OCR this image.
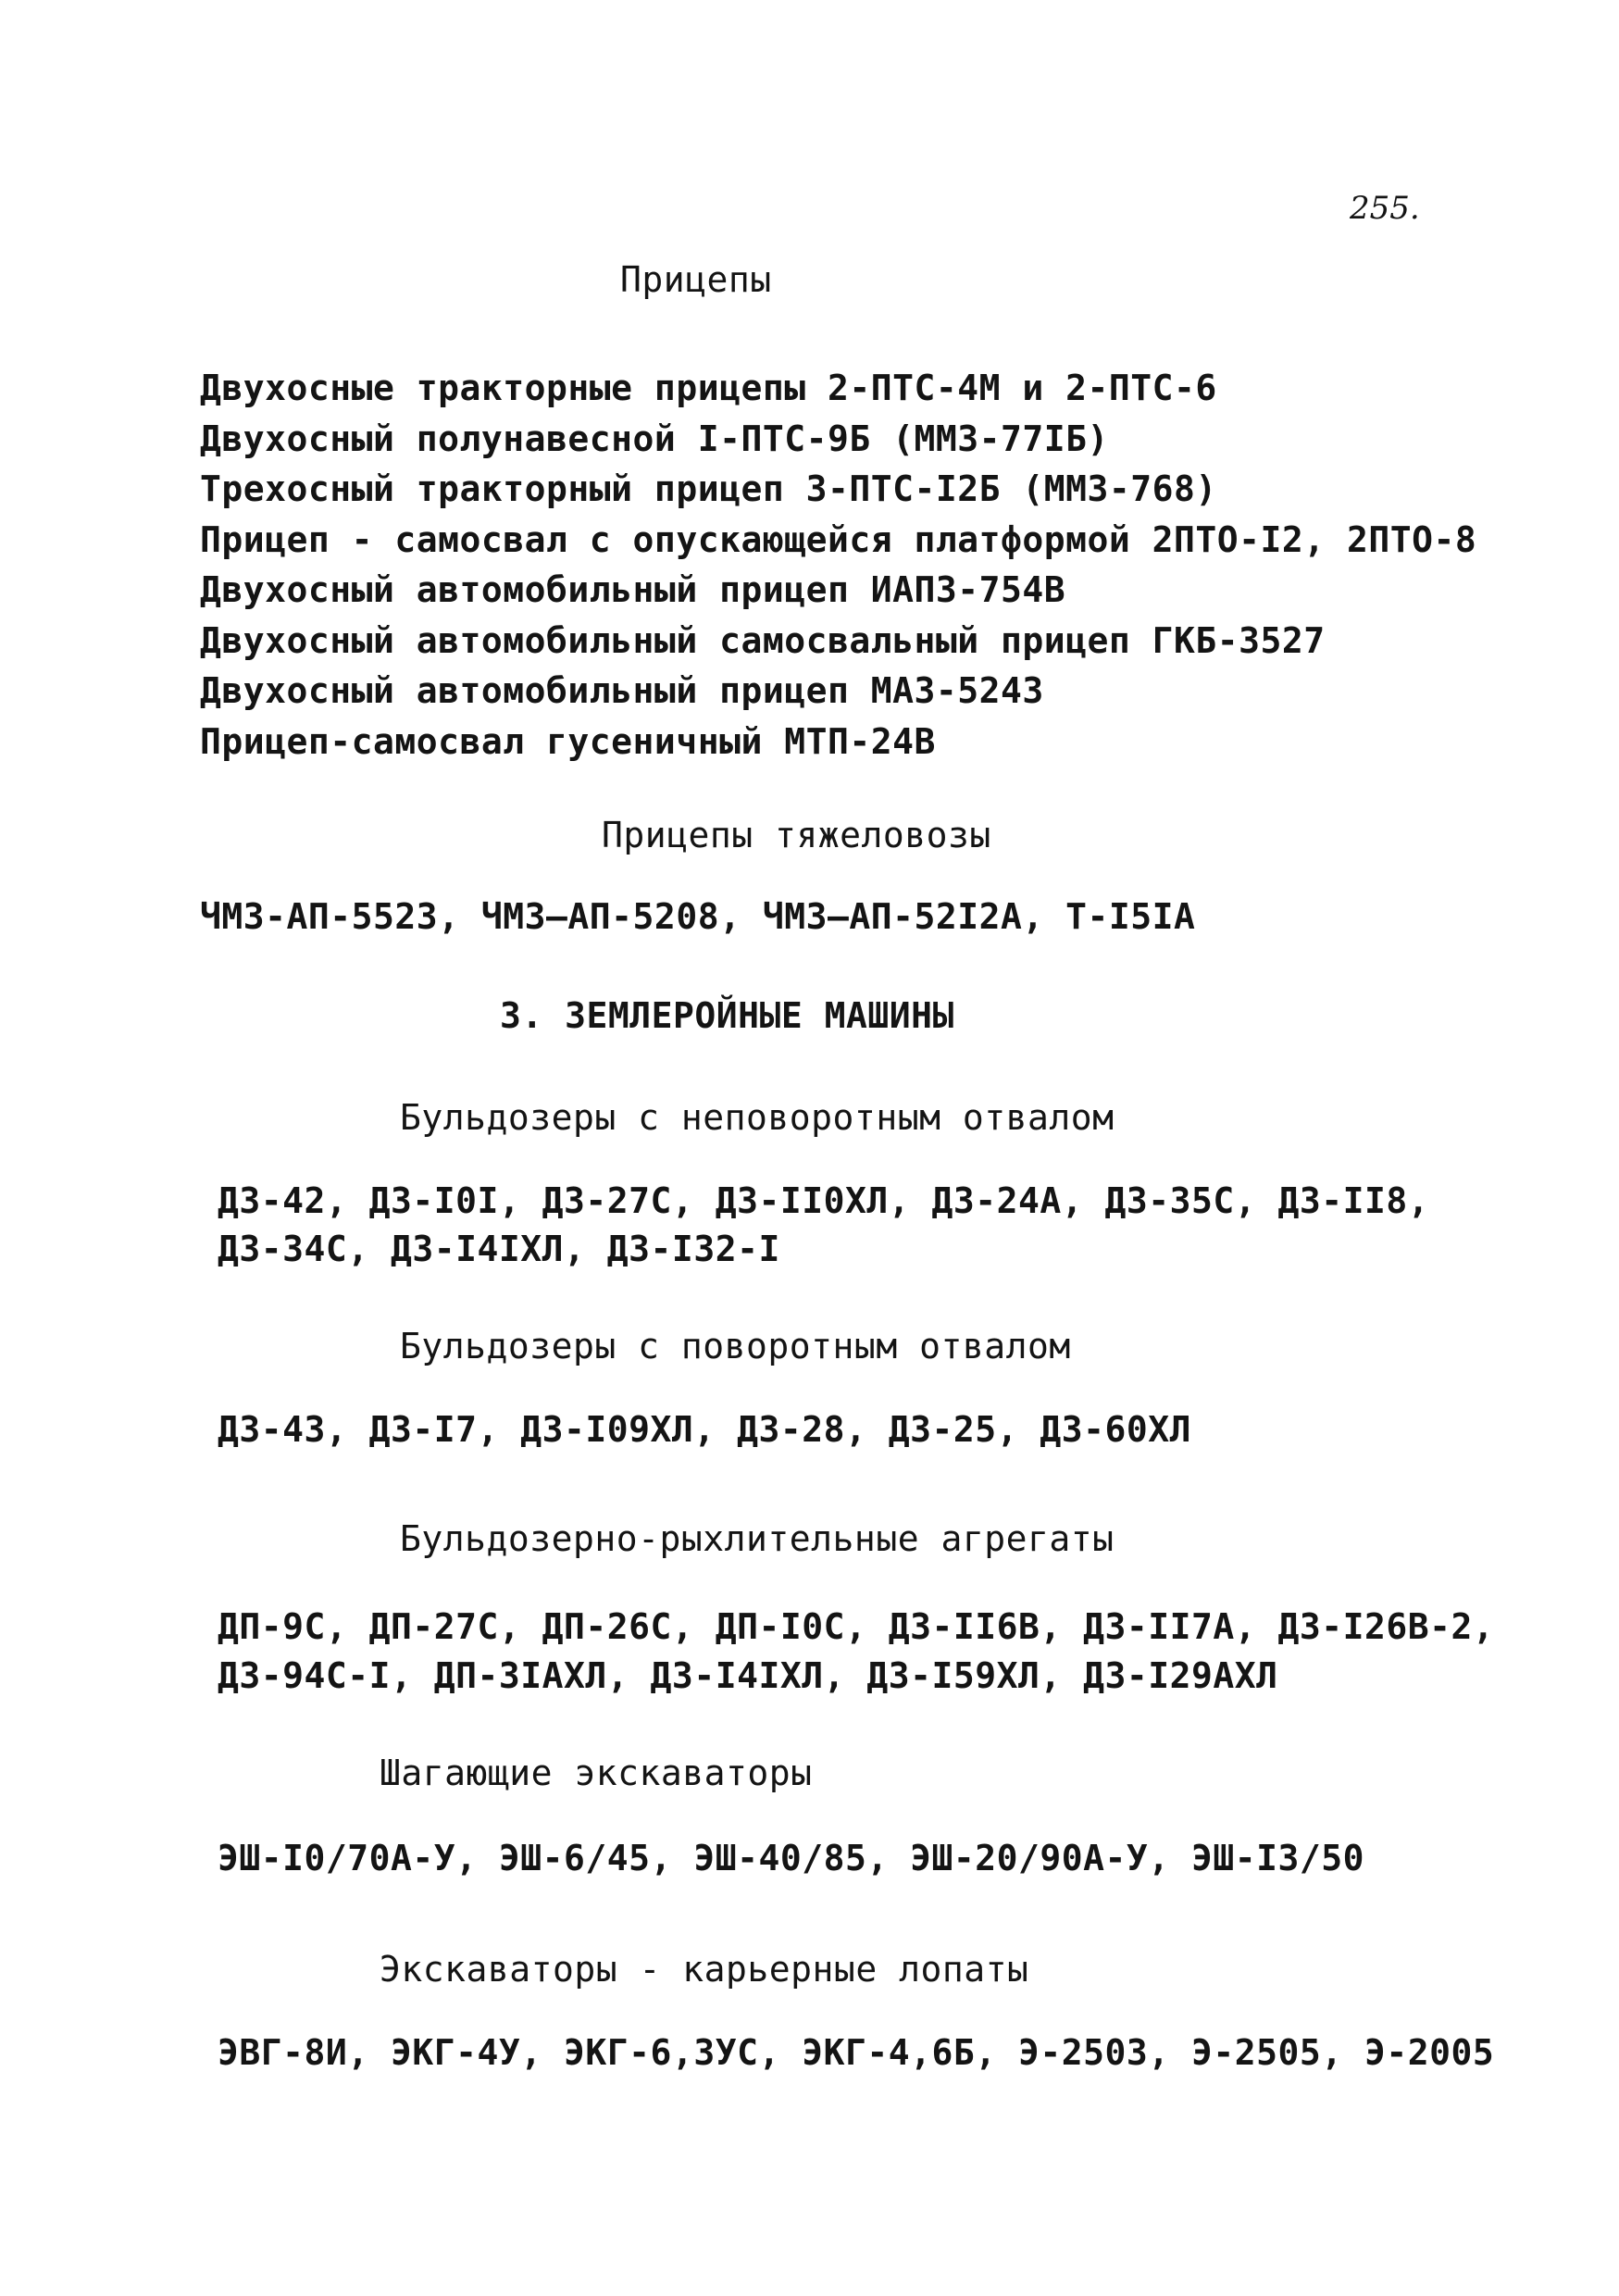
255.
Прицепы
Двухосные тракторные прицепы 2-ПТС-4М и 2-ПТС-6
Двухосный полунавесной I-ПТС-9Б (ММЗ-77IБ)
Трехосный тракторный прицеп 3-ПТС-I2Б (ММЗ-768)
Прицеп - самосвал с опускающейся платформой 2ПТО-I2, 2ПТО-8
Двухосный автомобильный прицеп ИАПЗ-754В
Двухосный автомобильный самосвальный прицеп ГКБ-3527
Двухосный автомобильный прицеп МАЗ-5243
Прицеп-самосвал гусеничный МТП-24В
Прицепы тяжеловозы
ЧМЗ-АП-5523, ЧМЗ—АП-5208, ЧМЗ—АП-52I2А, Т-I5IА
3. ЗЕМЛЕРОЙНЫЕ МАШИНЫ
Бульдозеры с неповоротным отвалом
ДЗ-42, ДЗ-I0I, ДЗ-27С, ДЗ-II0ХЛ, ДЗ-24А, ДЗ-35С, ДЗ-II8,
ДЗ-34С, ДЗ-I4IХЛ, ДЗ-I32-I
Бульдозеры с поворотным отвалом
ДЗ-43, ДЗ-I7, ДЗ-I09ХЛ, ДЗ-28, ДЗ-25, ДЗ-60ХЛ
Бульдозерно-рыхлительные агрегаты
ДП-9С, ДП-27С, ДП-26С, ДП-I0С, ДЗ-II6В, ДЗ-II7А, ДЗ-I26В-2,
ДЗ-94С-I, ДП-3IАХЛ, ДЗ-I4IХЛ, ДЗ-I59ХЛ, ДЗ-I29АХЛ
Шагающие экскаваторы
ЭШ-I0/70А-У, ЭШ-6/45, ЭШ-40/85, ЭШ-20/90А-У, ЭШ-I3/50
Экскаваторы - карьерные лопаты
ЭВГ-8И, ЭКГ-4У, ЭКГ-6,3УС, ЭКГ-4,6Б, Э-2503, Э-2505, Э-2005
